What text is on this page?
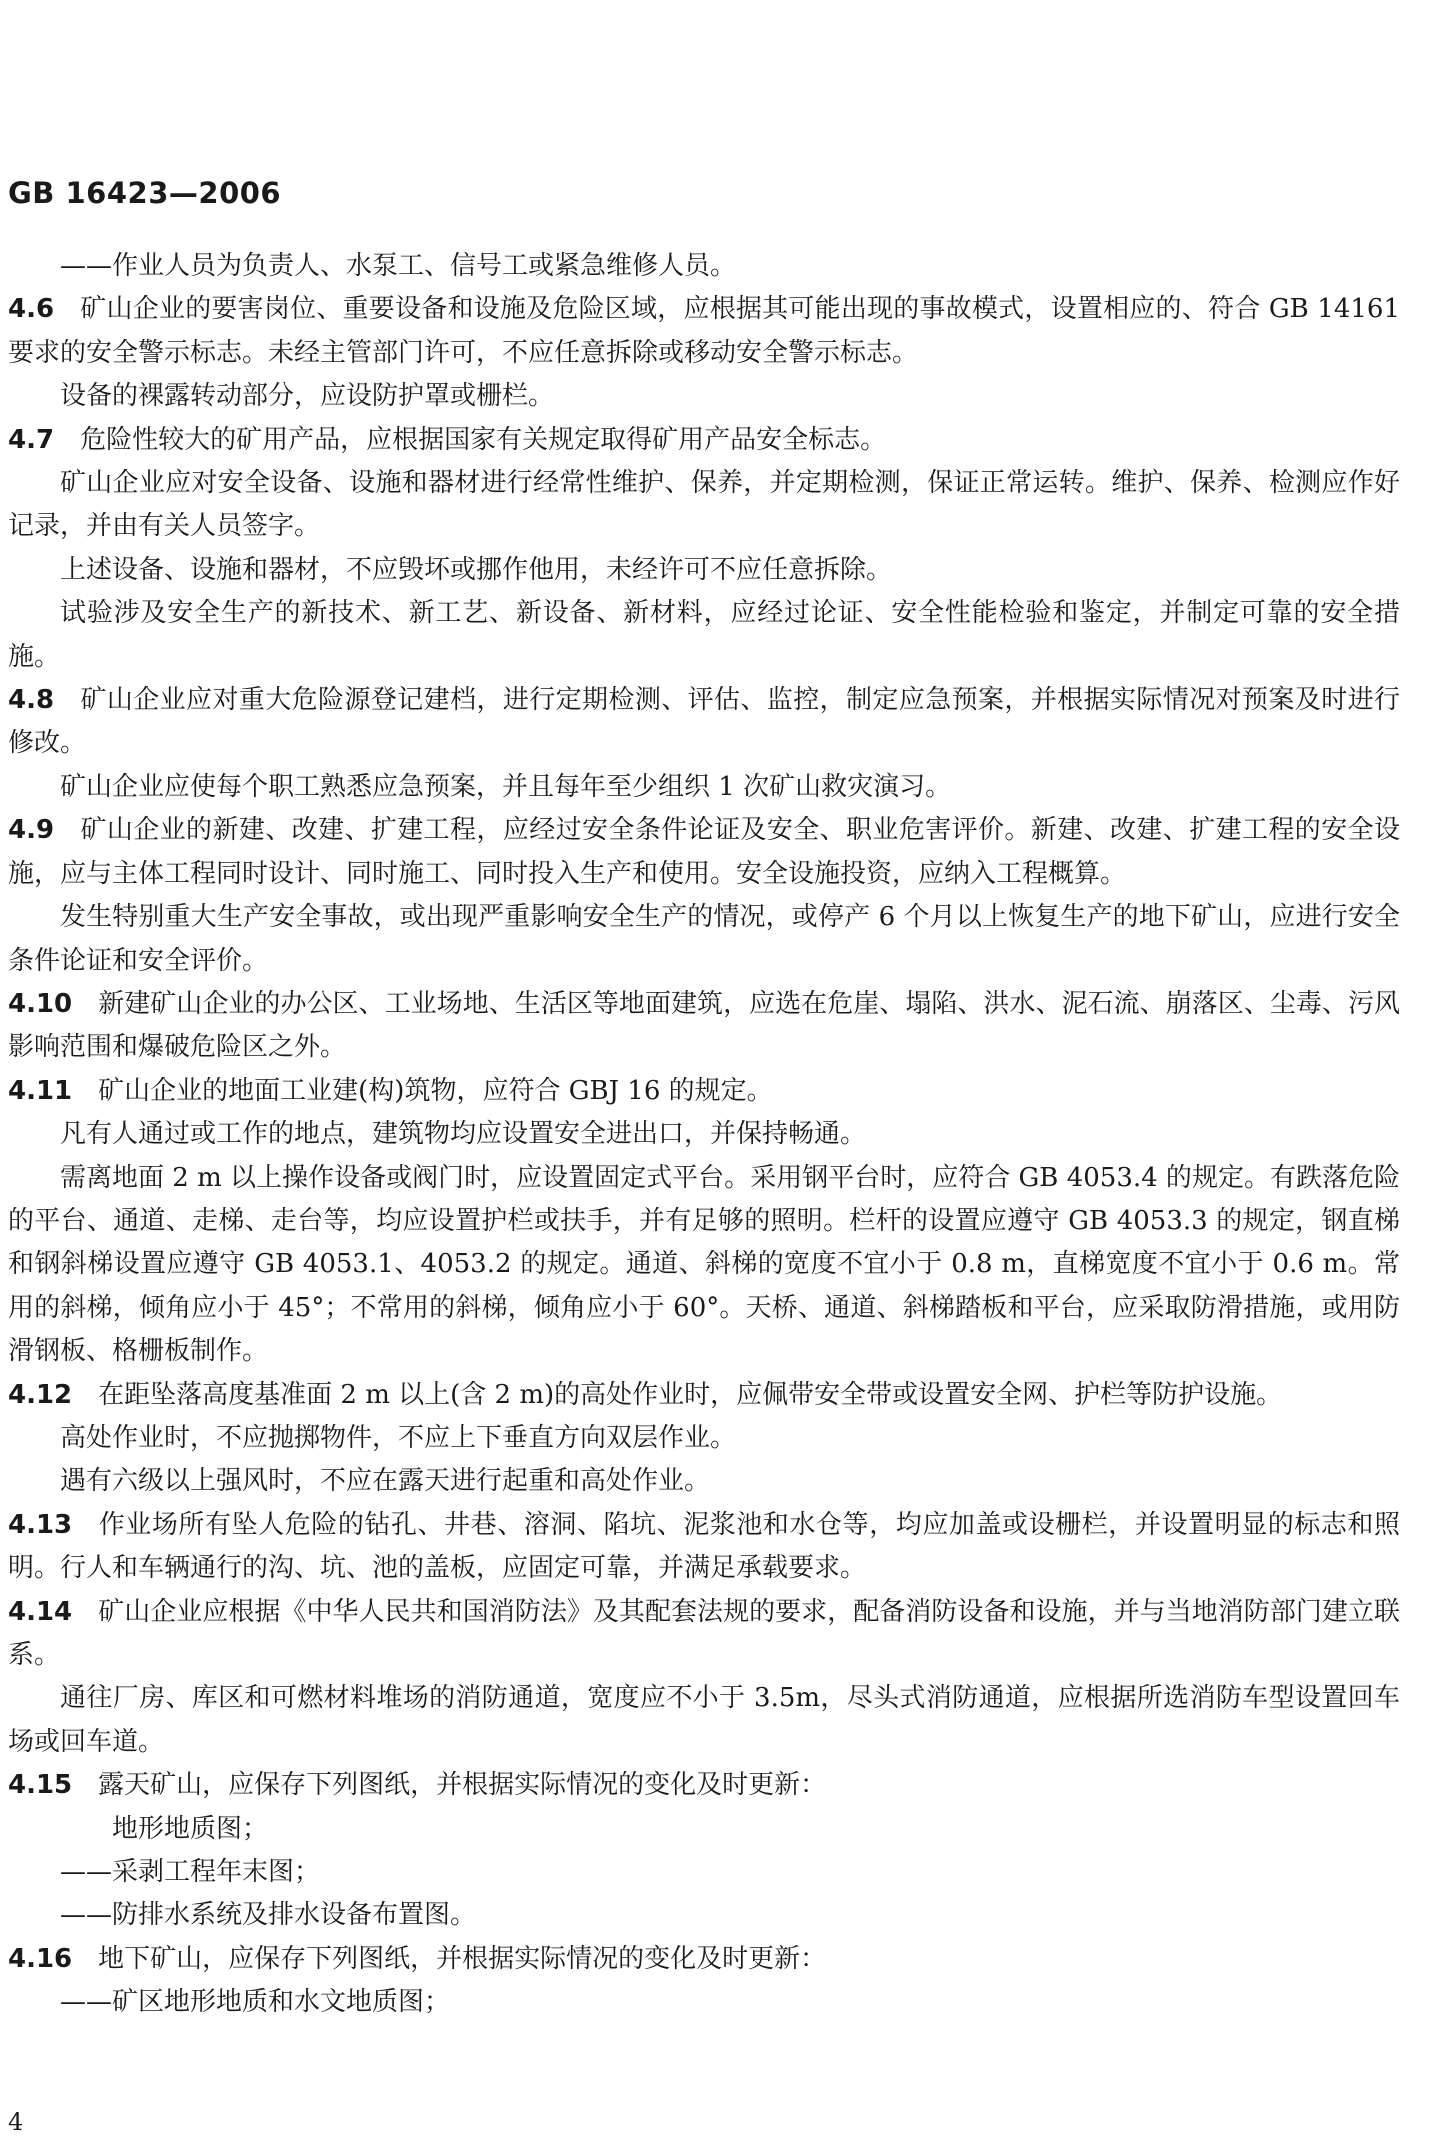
GB 16423—2006

——作业人员为负责人、水泵工、信号工或紧急维修人员。

4.6  矿山企业的要害岗位、重要设备和设施及危险区域，应根据其可能出现的事故模式，设置相应的、符合 GB 14161 要求的安全警示标志。未经主管部门许可，不应任意拆除或移动安全警示标志。

设备的裸露转动部分，应设防护罩或栅栏。

4.7  危险性较大的矿用产品，应根据国家有关规定取得矿用产品安全标志。

矿山企业应对安全设备、设施和器材进行经常性维护、保养，并定期检测，保证正常运转。维护、保养、检测应作好记录，并由有关人员签字。

上述设备、设施和器材，不应毁坏或挪作他用，未经许可不应任意拆除。

试验涉及安全生产的新技术、新工艺、新设备、新材料，应经过论证、安全性能检验和鉴定，并制定可靠的安全措施。

4.8  矿山企业应对重大危险源登记建档，进行定期检测、评估、监控，制定应急预案，并根据实际情况对预案及时进行修改。

矿山企业应使每个职工熟悉应急预案，并且每年至少组织 1 次矿山救灾演习。

4.9  矿山企业的新建、改建、扩建工程，应经过安全条件论证及安全、职业危害评价。新建、改建、扩建工程的安全设施，应与主体工程同时设计、同时施工、同时投入生产和使用。安全设施投资，应纳入工程概算。

发生特别重大生产安全事故，或出现严重影响安全生产的情况，或停产 6 个月以上恢复生产的地下矿山，应进行安全条件论证和安全评价。

4.10  新建矿山企业的办公区、工业场地、生活区等地面建筑，应选在危崖、塌陷、洪水、泥石流、崩落区、尘毒、污风影响范围和爆破危险区之外。

4.11  矿山企业的地面工业建(构)筑物，应符合 GBJ 16 的规定。

凡有人通过或工作的地点，建筑物均应设置安全进出口，并保持畅通。

需离地面 2 m 以上操作设备或阀门时，应设置固定式平台。采用钢平台时，应符合 GB 4053.4 的规定。有跌落危险的平台、通道、走梯、走台等，均应设置护栏或扶手，并有足够的照明。栏杆的设置应遵守 GB 4053.3 的规定，钢直梯和钢斜梯设置应遵守 GB 4053.1、4053.2 的规定。通道、斜梯的宽度不宜小于 0.8 m，直梯宽度不宜小于 0.6 m。常用的斜梯，倾角应小于 45°；不常用的斜梯，倾角应小于 60°。天桥、通道、斜梯踏板和平台，应采取防滑措施，或用防滑钢板、格栅板制作。

4.12  在距坠落高度基准面 2 m 以上(含 2 m)的高处作业时，应佩带安全带或设置安全网、护栏等防护设施。

高处作业时，不应抛掷物件，不应上下垂直方向双层作业。

遇有六级以上强风时，不应在露天进行起重和高处作业。

4.13  作业场所有坠人危险的钻孔、井巷、溶洞、陷坑、泥浆池和水仓等，均应加盖或设栅栏，并设置明显的标志和照明。行人和车辆通行的沟、坑、池的盖板，应固定可靠，并满足承载要求。

4.14  矿山企业应根据《中华人民共和国消防法》及其配套法规的要求，配备消防设备和设施，并与当地消防部门建立联系。

通往厂房、库区和可燃材料堆场的消防通道，宽度应不小于 3.5m，尽头式消防通道，应根据所选消防车型设置回车场或回车道。

4.15  露天矿山，应保存下列图纸，并根据实际情况的变化及时更新：

地形地质图；

——采剥工程年末图；

——防排水系统及排水设备布置图。

4.16  地下矿山，应保存下列图纸，并根据实际情况的变化及时更新：

——矿区地形地质和水文地质图；

4
